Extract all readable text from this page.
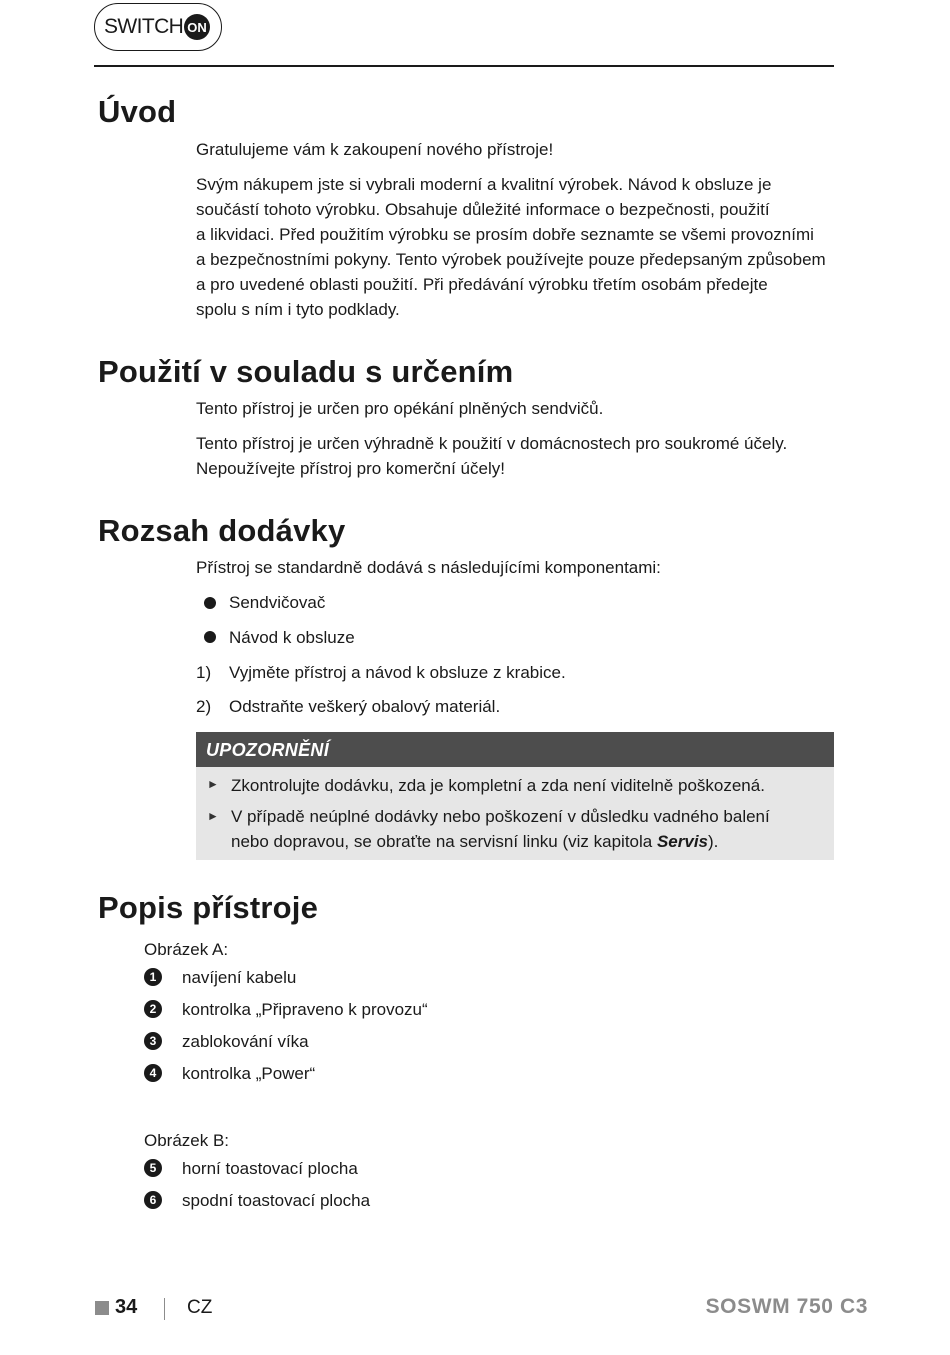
SWITCH ON
Úvod
Gratulujeme vám k zakoupení nového přístroje!
Svým nákupem jste si vybrali moderní a kvalitní výrobek. Návod k obsluze je
součástí tohoto výrobku. Obsahuje důležité informace o bezpečnosti, použití
a likvidaci. Před použitím výrobku se prosím dobře seznamte se všemi provozními
a bezpečnostními pokyny. Tento výrobek používejte pouze předepsaným způsobem
a pro uvedené oblasti použití. Při předávání výrobku třetím osobám předejte
spolu s ním i tyto podklady.
Použití v souladu s určením
Tento přístroj je určen pro opékání plněných sendvičů.
Tento přístroj je určen výhradně k použití v domácnostech pro soukromé účely.
Nepoužívejte přístroj pro komerční účely!
Rozsah dodávky
Přístroj se standardně dodává s následujícími komponentami:
Sendvičovač
Návod k obsluze
1) Vyjměte přístroj a návod k obsluze z krabice.
2) Odstraňte veškerý obalový materiál.
UPOZORNĚNÍ
► Zkontrolujte dodávku, zda je kompletní a zda není viditelně poškozená.
► V případě neúplné dodávky nebo poškození v důsledku vadného balení
nebo dopravou, se obraťte na servisní linku (viz kapitola Servis).
Popis přístroje
Obrázek A:
1	navíjení kabelu
2	kontrolka „Připraveno k provozu“
3	zablokování víka
4	kontrolka „Power“
Obrázek B:
5	horní toastovací plocha
6	spodní toastovací plocha
34	CZ	SOSWM 750 C3
